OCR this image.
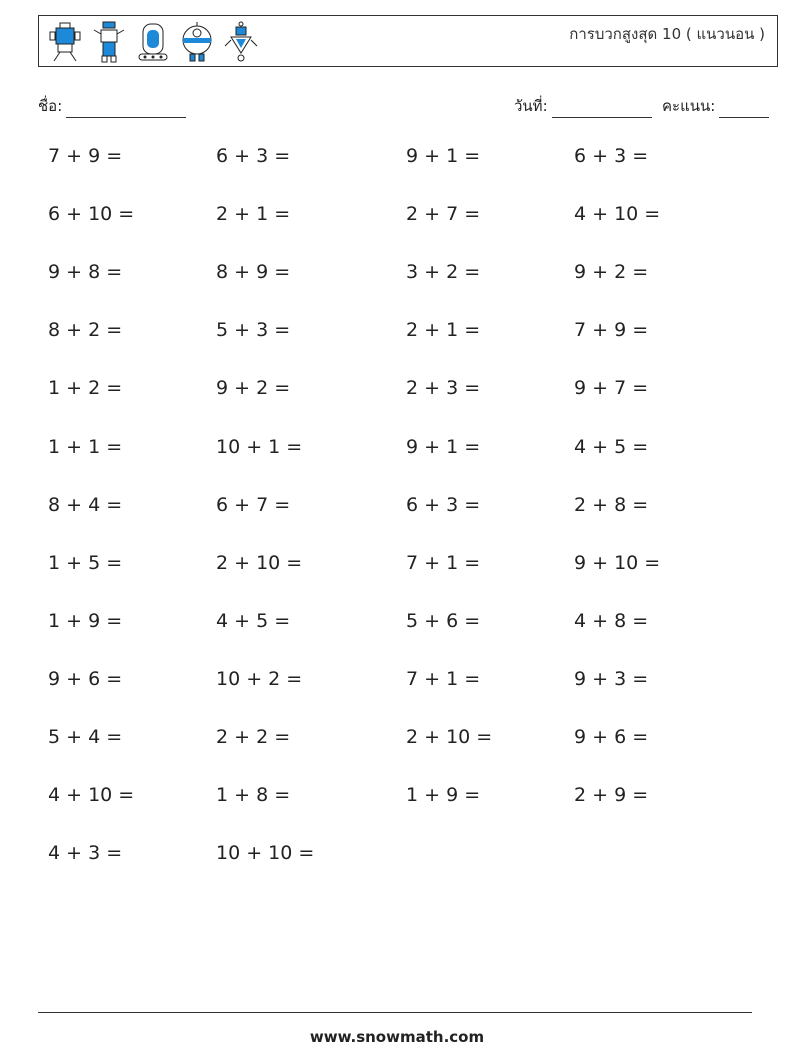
การบวกสูงสุด 10 ( แนวนอน )
ชื่อ:	วันที่:	คะแนน:
7 + 9 =	6 + 3 =	9 + 1 =	6 + 3 =
6 + 10 =	2 + 1 =	2 + 7 =	4 + 10 =
9 + 8 =	8 + 9 =	3 + 2 =	9 + 2 =
8 + 2 =	5 + 3 =	2 + 1 =	7 + 9 =
1 + 2 =	9 + 2 =	2 + 3 =	9 + 7 =
1 + 1 =	10 + 1 =	9 + 1 =	4 + 5 =
8 + 4 =	6 + 7 =	6 + 3 =	2 + 8 =
1 + 5 =	2 + 10 =	7 + 1 =	9 + 10 =
1 + 9 =	4 + 5 =	5 + 6 =	4 + 8 =
9 + 6 =	10 + 2 =	7 + 1 =	9 + 3 =
5 + 4 =	2 + 2 =	2 + 10 =	9 + 6 =
4 + 10 =	1 + 8 =	1 + 9 =	2 + 9 =
4 + 3 =	10 + 10 =
www.snowmath.com
